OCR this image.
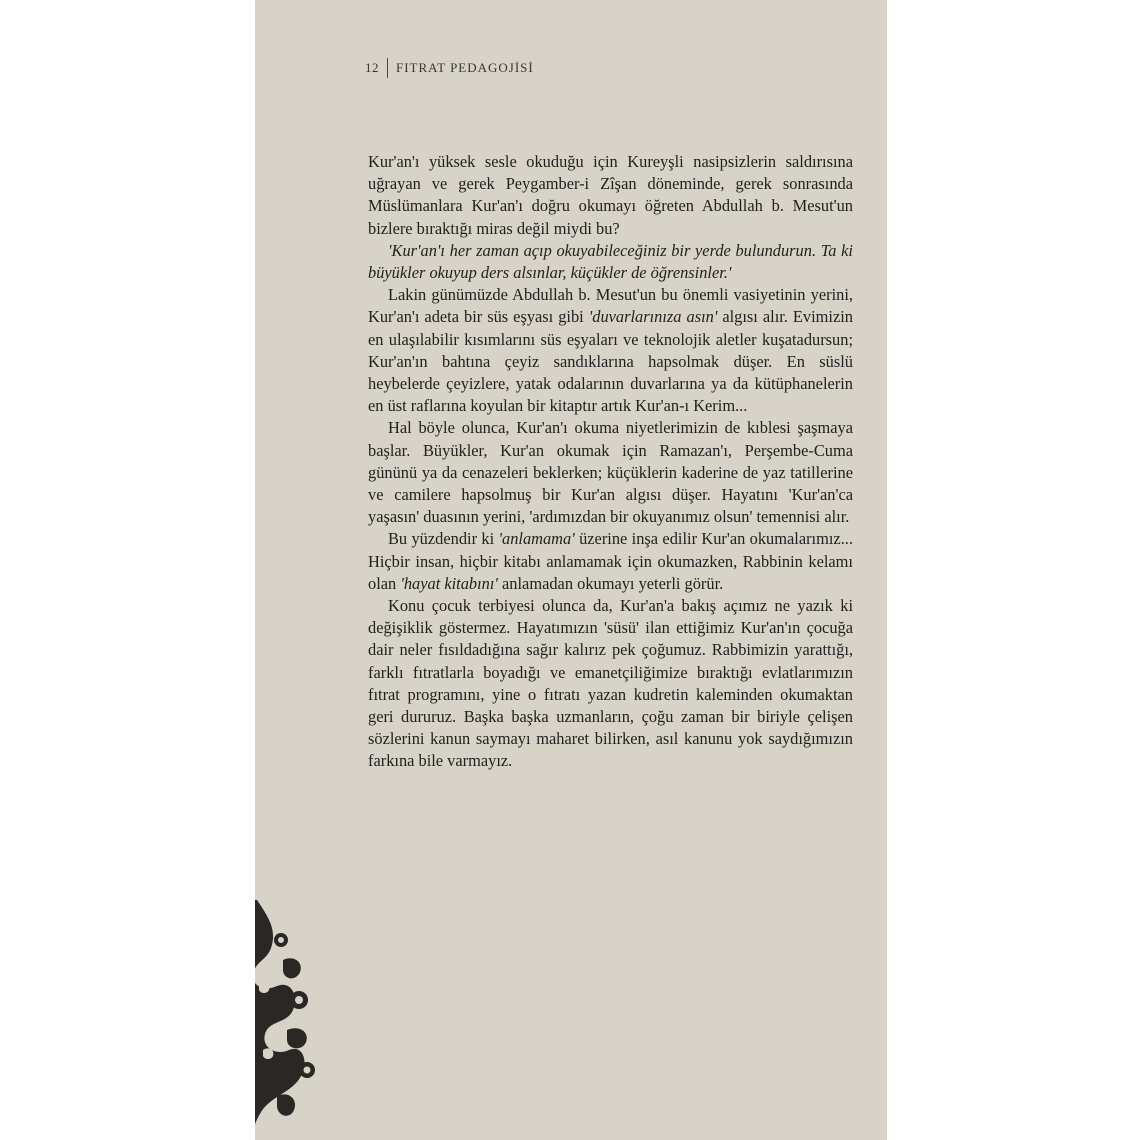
12 FITRAT PEDAGOJİSİ

Kur'an'ı yüksek sesle okuduğu için Kureyşli nasipsizlerin saldırısına uğrayan ve gerek Peygamber-i Zîşan döneminde, gerek sonrasında Müslümanlara Kur'an'ı doğru okumayı öğreten Abdullah b. Mesut'un bizlere bıraktığı miras değil miydi bu?

'Kur'an'ı her zaman açıp okuyabileceğiniz bir yerde bulundurun. Ta ki büyükler okuyup ders alsınlar, küçükler de öğrensinler.'

Lakin günümüzde Abdullah b. Mesut'un bu önemli vasiyetinin yerini, Kur'an'ı adeta bir süs eşyası gibi 'duvarlarınıza asın' algısı alır. Evimizin en ulaşılabilir kısımlarını süs eşyaları ve teknolojik aletler kuşatadursun; Kur'an'ın bahtına çeyiz sandıklarına hapsolmak düşer. En süslü heybelerde çeyizlere, yatak odalarının duvarlarına ya da kütüphanelerin en üst raflarına koyulan bir kitaptır artık Kur'an-ı Kerim...

Hal böyle olunca, Kur'an'ı okuma niyetlerimizin de kıblesi şaşmaya başlar. Büyükler, Kur'an okumak için Ramazan'ı, Perşembe-Cuma gününü ya da cenazeleri beklerken; küçüklerin kaderine de yaz tatillerine ve camilere hapsolmuş bir Kur'an algısı düşer. Hayatını 'Kur'an'ca yaşasın' duasının yerini, 'ardımızdan bir okuyanımız olsun' temennisi alır.

Bu yüzdendir ki 'anlamama' üzerine inşa edilir Kur'an okumalarımız... Hiçbir insan, hiçbir kitabı anlamamak için okumazken, Rabbinin kelamı olan 'hayat kitabını' anlamadan okumayı yeterli görür.

Konu çocuk terbiyesi olunca da, Kur'an'a bakış açımız ne yazık ki değişiklik göstermez. Hayatımızın 'süsü' ilan ettiğimiz Kur'an'ın çocuğa dair neler fısıldadığına sağır kalırız pek çoğumuz. Rabbimizin yarattığı, farklı fıtratlarla boyadığı ve emanetçiliğimize bıraktığı evlatlarımızın fıtrat programını, yine o fıtratı yazan kudretin kaleminden okumaktan geri dururuz. Başka başka uzmanların, çoğu zaman bir biriyle çelişen sözlerini kanun saymayı maharet bilirken, asıl kanunu yok saydığımızın farkına bile varmayız.
